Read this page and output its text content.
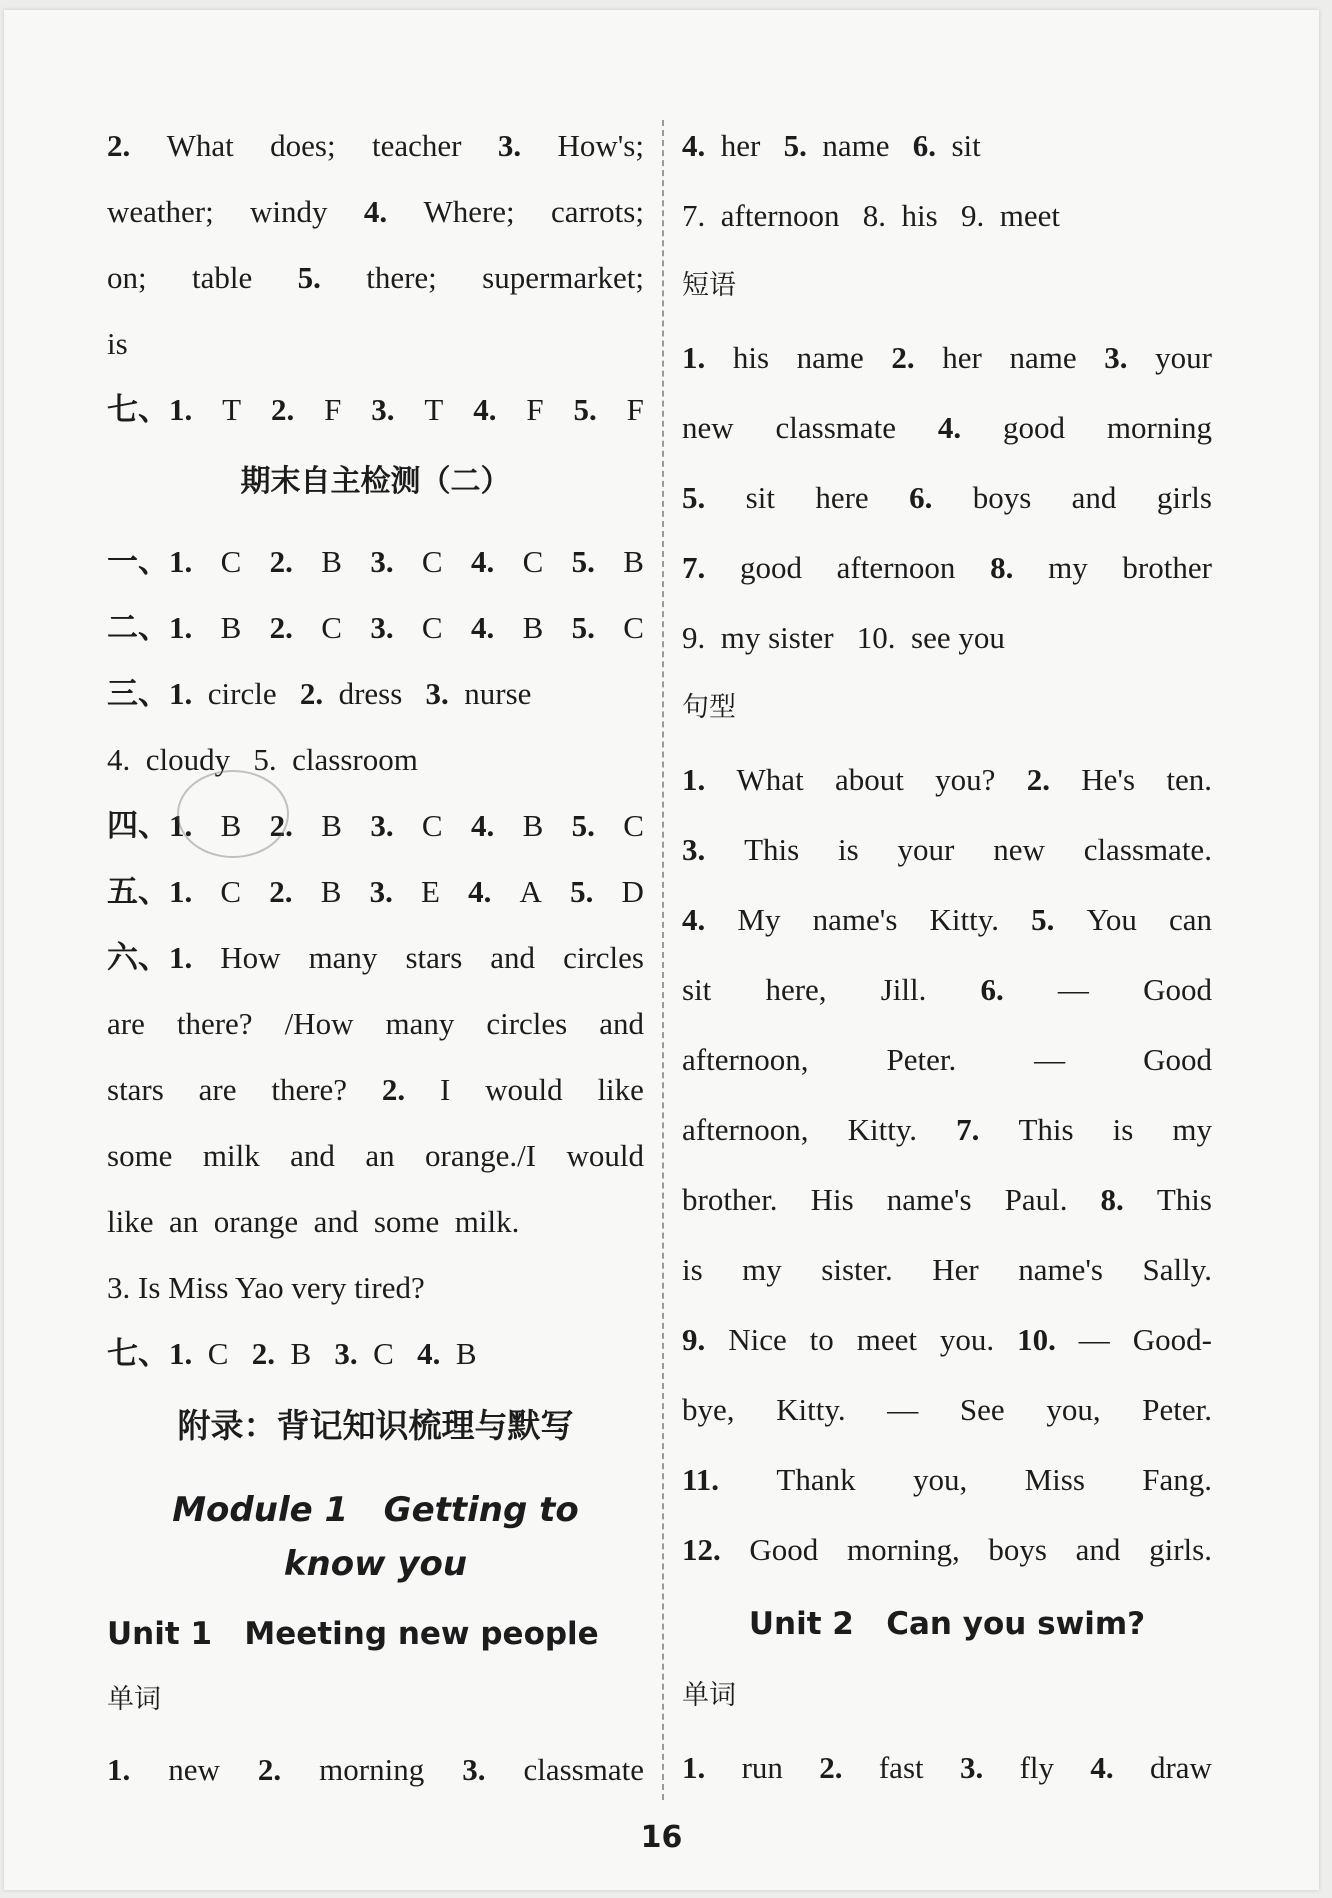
2. What does; teacher 3. How's;
weather; windy 4. Where; carrots;
on; table 5. there; supermarket;
is
七、1. T 2. F 3. T 4. F 5. F
期末自主检测（二）
一、1. C 2. B 3. C 4. C 5. B
二、1. B 2. C 3. C 4. B 5. C
三、1. circle 2. dress 3. nurse
4.  cloudy   5.  classroom
四、1. B 2. B 3. C 4. B 5. C
五、1. C 2. B 3. E 4. A 5. D
六、1. How many stars and circles
are there? /How many circles and
stars are there? 2. I would like
some milk and an orange./I would
like  an  orange  and  some  milk.
3. Is Miss Yao very tired?
七、1. C 2. B 3. C 4. B
附录：背记知识梳理与默写
Module 1   Getting to
know you
Unit 1   Meeting new people
单词
1. new 2. morning 3. classmate
4. her 5. name 6. sit
7.  afternoon   8.  his   9.  meet
短语
1. his name 2. her name 3. your
new classmate 4. good morning
5. sit here 6. boys and girls
7. good afternoon 8. my brother
9.  my sister   10.  see you
句型
1. What about you? 2. He's ten.
3. This is your new classmate.
4. My name's Kitty. 5. You can
sit here, Jill. 6. — Good
afternoon,	Peter.	—	Good
afternoon, Kitty. 7. This is my
brother. His name's Paul. 8. This
is my sister. Her name's Sally.
9. Nice to meet you. 10. — Good-
bye, Kitty. — See you, Peter.
11. Thank you, Miss Fang.
12. Good morning, boys and girls.
Unit 2   Can you swim?
单词
1. run 2. fast 3. fly 4. draw
16
